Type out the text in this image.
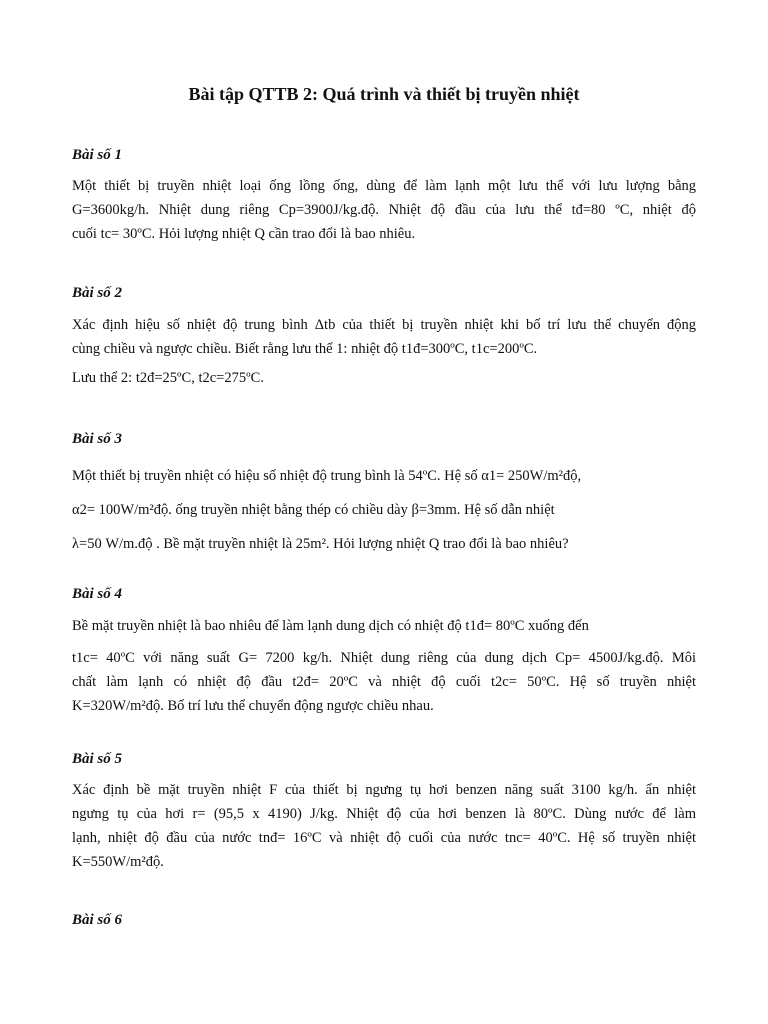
Bài tập QTTB 2: Quá trình và thiết bị truyền nhiệt
Bài số 1
Một thiết bị truyền nhiệt loại ống lồng ống, dùng để làm lạnh một lưu thể với lưu lượng bằng
G=3600kg/h. Nhiệt dung riêng Cp=3900J/kg.độ. Nhiệt độ đầu của lưu thể tđ=80 ºC, nhiệt độ
cuối tc= 30ºC. Hỏi lượng nhiệt Q cần trao đổi là bao nhiêu.
Bài số 2
Xác định hiệu số nhiệt độ trung bình Δtb của thiết bị truyền nhiệt khi bố trí lưu thể chuyển động
cùng chiều và ngược chiều. Biết rằng lưu thể 1: nhiệt độ t1đ=300ºC, t1c=200ºC.
Lưu thể 2: t2đ=25ºC, t2c=275ºC.
Bài số 3
Một thiết bị truyền nhiệt có hiệu số nhiệt độ trung bình là 54ºC. Hệ số α1= 250W/m²độ,
α2= 100W/m²độ. ống truyền nhiệt bằng thép có chiều dày β=3mm. Hệ số dẫn nhiệt
λ=50 W/m.độ . Bề mặt truyền nhiệt là 25m². Hỏi lượng nhiệt Q trao đổi là bao nhiêu?
Bài số 4
Bề mặt truyền nhiệt là bao nhiêu để làm lạnh dung dịch có nhiệt độ t1đ= 80ºC xuống đến
t1c= 40ºC với năng suất G= 7200 kg/h. Nhiệt dung riêng của dung dịch Cp= 4500J/kg.độ. Môi
chất làm lạnh có nhiệt độ đầu t2đ= 20ºC và nhiệt độ cuối t2c= 50ºC. Hệ số truyền nhiệt
K=320W/m²độ. Bố trí lưu thể chuyển động ngược chiều nhau.
Bài số 5
Xác định bề mặt truyền nhiệt F của thiết bị ngưng tụ hơi benzen năng suất 3100 kg/h. ẩn nhiệt
ngưng tụ của hơi r= (95,5 x 4190) J/kg. Nhiệt độ của hơi benzen là 80ºC. Dùng nước để làm
lạnh, nhiệt độ đầu của nước tnđ= 16ºC và nhiệt độ cuối của nước tnc= 40ºC. Hệ số truyền nhiệt
K=550W/m²độ.
Bài số 6
